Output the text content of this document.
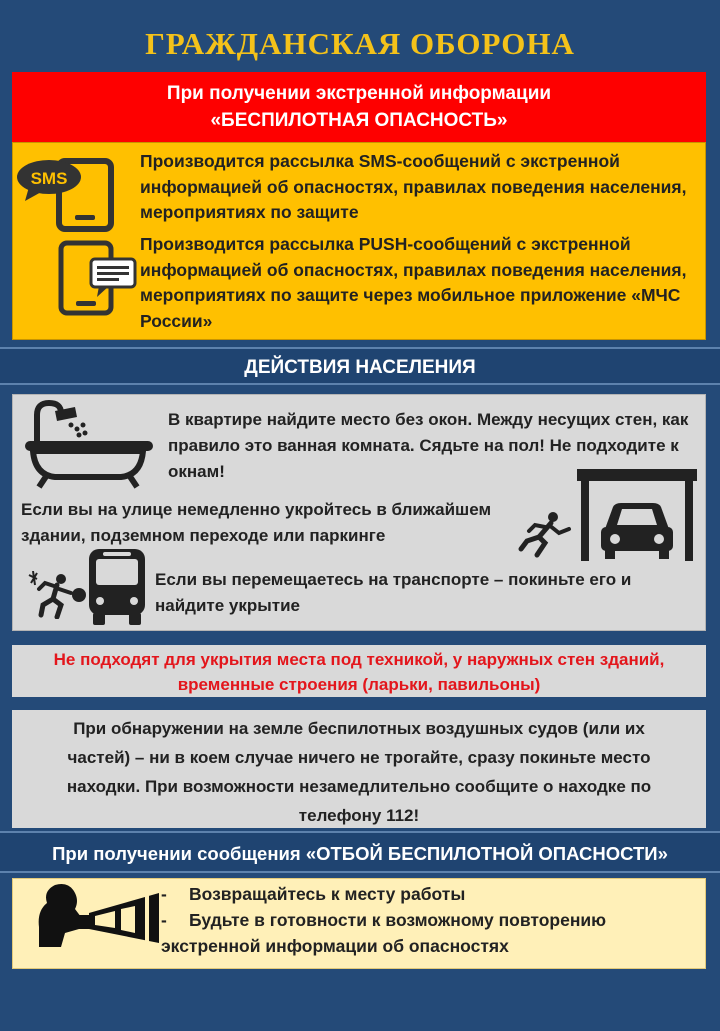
ГРАЖДАНСКАЯ ОБОРОНА
При получении экстренной информации
«БЕСПИЛОТНАЯ ОПАСНОСТЬ»
SMS
Производится рассылка SMS-сообщений с экстренной информацией об опасностях, правилах поведения населения, мероприятиях по защите
Производится рассылка PUSH-сообщений с экстренной информацией об опасностях, правилах поведения населения, мероприятиях по защите через мобильное приложение «МЧС России»
ДЕЙСТВИЯ НАСЕЛЕНИЯ
В квартире найдите место без окон. Между несущих стен, как правило это ванная комната. Сядьте на пол! Не подходите к окнам!
Если вы на улице немедленно укройтесь в ближайшем здании, подземном переходе или паркинге
Если вы перемещаетесь на транспорте – покиньте его и найдите укрытие
Не подходят для укрытия места под техникой, у наружных стен зданий, временные строения (ларьки, павильоны)
При обнаружении на земле беспилотных воздушных судов (или их частей) – ни в коем случае ничего не трогайте, сразу покиньте место находки. При возможности незамедлительно сообщите о находке по телефону 112!
При получении сообщения «ОТБОЙ БЕСПИЛОТНОЙ ОПАСНОСТИ»
- Возвращайтесь к месту работы
- Будьте в готовности к возможному повторению экстренной информации об опасностях
